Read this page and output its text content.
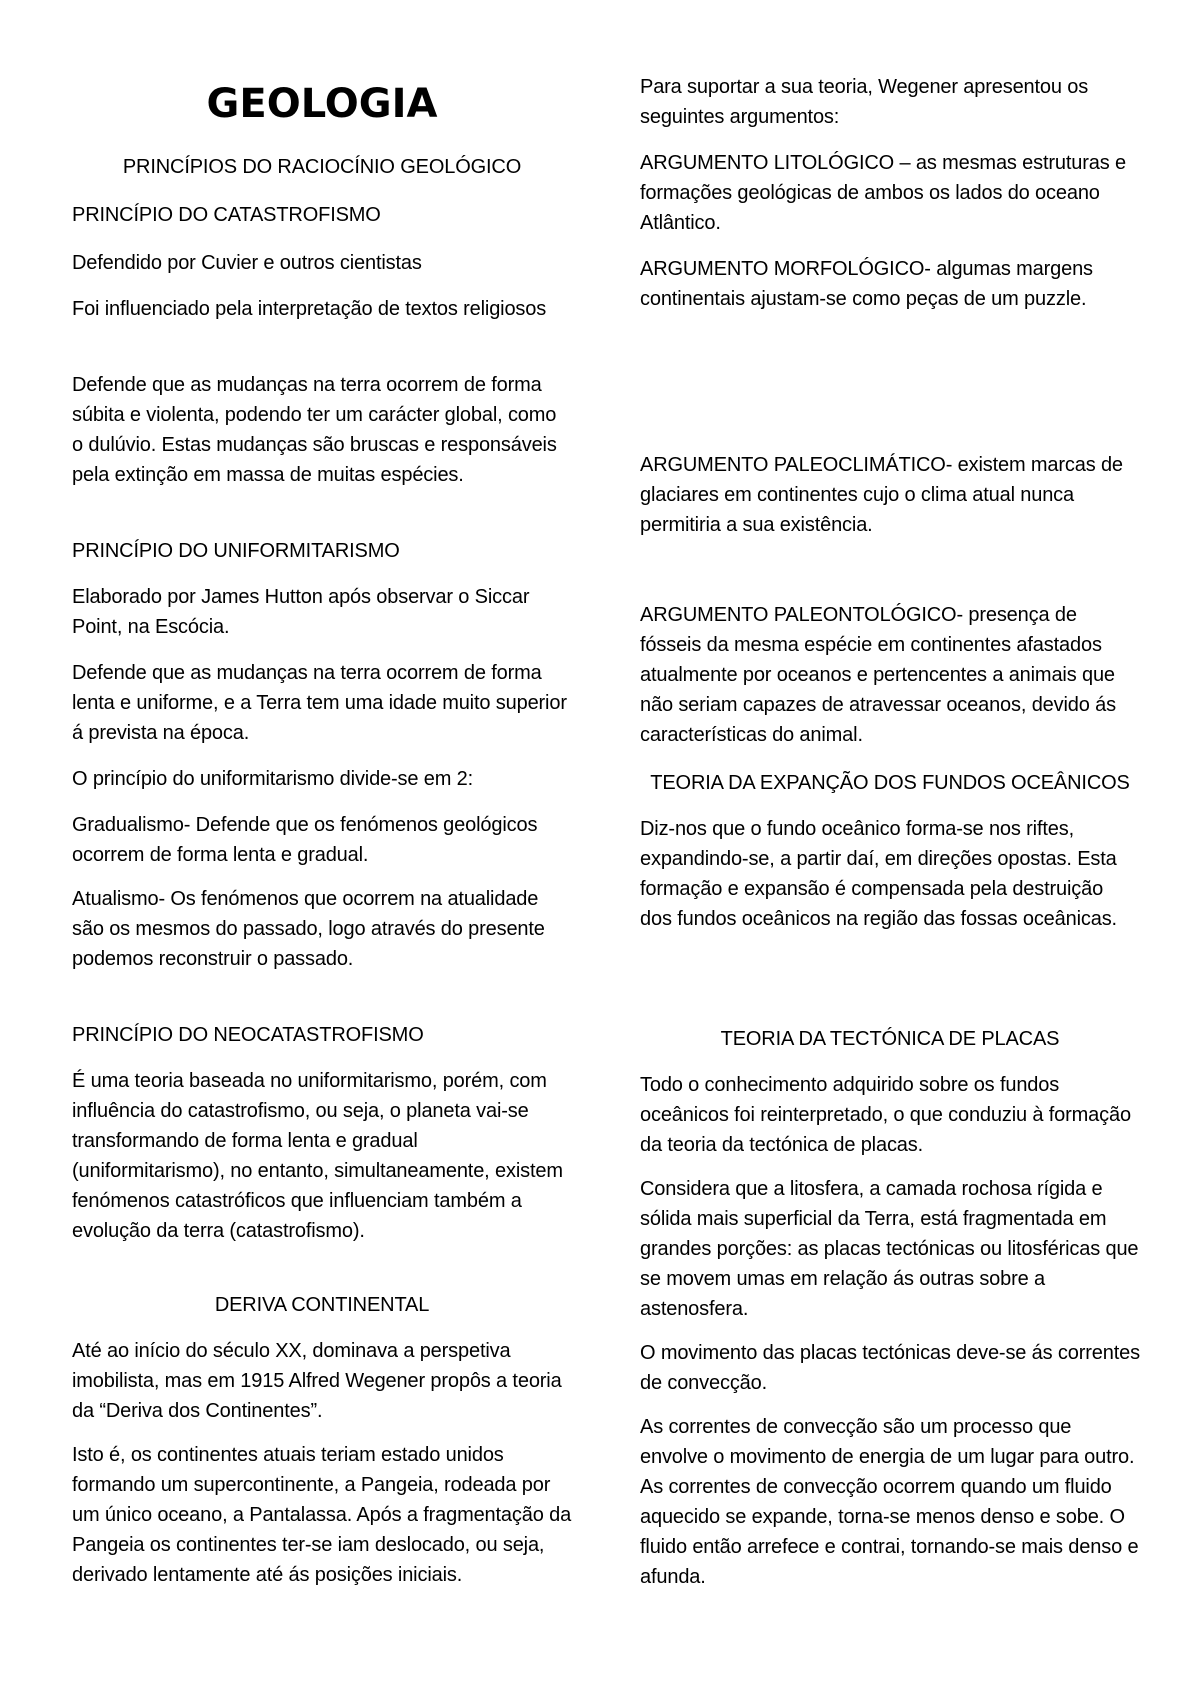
GEOLOGIA

PRINCÍPIOS DO RACIOCÍNIO GEOLÓGICO

PRINCÍPIO DO CATASTROFISMO

Defendido por Cuvier e outros cientistas

Foi influenciado pela interpretação de textos religiosos

Defende que as mudanças na terra ocorrem de forma súbita e violenta, podendo ter um carácter global, como o dulúvio. Estas mudanças são bruscas e responsáveis pela extinção em massa de muitas espécies.

PRINCÍPIO DO UNIFORMITARISMO

Elaborado por James Hutton após observar o Siccar Point, na Escócia.

Defende que as mudanças na terra ocorrem de forma lenta e uniforme, e a Terra tem uma idade muito superior á prevista na época.

O princípio do uniformitarismo divide-se em 2:

Gradualismo- Defende que os fenómenos geológicos ocorrem de forma lenta e gradual.

Atualismo- Os fenómenos que ocorrem na atualidade são os mesmos do passado, logo através do presente podemos reconstruir o passado.

PRINCÍPIO DO NEOCATASTROFISMO

É uma teoria baseada no uniformitarismo, porém, com influência do catastrofismo, ou seja, o planeta vai-se transformando de forma lenta e gradual (uniformitarismo), no entanto, simultaneamente, existem fenómenos catastróficos que influenciam também a evolução da terra (catastrofismo).

DERIVA CONTINENTAL

Até ao início do século XX, dominava a perspetiva imobilista, mas em 1915 Alfred Wegener propôs a teoria da “Deriva dos Continentes”.

Isto é, os continentes atuais teriam estado unidos formando um supercontinente, a Pangeia, rodeada por um único oceano, a Pantalassa. Após a fragmentação da Pangeia os continentes ter-se iam deslocado, ou seja, derivado lentamente até ás posições iniciais.

Para suportar a sua teoria, Wegener apresentou os seguintes argumentos:

ARGUMENTO LITOLÓGICO – as mesmas estruturas e formações geológicas de ambos os lados do oceano Atlântico.

ARGUMENTO MORFOLÓGICO- algumas margens continentais ajustam-se como peças de um puzzle.

ARGUMENTO PALEOCLIMÁTICO- existem marcas de glaciares em continentes cujo o clima atual nunca permitiria a sua existência.

ARGUMENTO PALEONTOLÓGICO- presença de fósseis da mesma espécie em continentes afastados atualmente por oceanos e pertencentes a animais que não seriam capazes de atravessar oceanos, devido ás características do animal.

TEORIA DA EXPANÇÃO DOS FUNDOS OCEÂNICOS

Diz-nos que o fundo oceânico forma-se nos riftes, expandindo-se, a partir daí, em direções opostas. Esta formação e expansão é compensada pela destruição dos fundos oceânicos na região das fossas oceânicas.

TEORIA DA TECTÓNICA DE PLACAS

Todo o conhecimento adquirido sobre os fundos oceânicos foi reinterpretado, o que conduziu à formação da teoria da tectónica de placas.

Considera que a litosfera, a camada rochosa rígida e sólida mais superficial da Terra, está fragmentada em grandes porções: as placas tectónicas ou litosféricas que se movem umas em relação ás outras sobre a astenosfera.

O movimento das placas tectónicas deve-se ás correntes de convecção.

As correntes de convecção são um processo que envolve o movimento de energia de um lugar para outro. As correntes de convecção ocorrem quando um fluido aquecido se expande, torna-se menos denso e sobe. O fluido então arrefece e contrai, tornando-se mais denso e afunda.
